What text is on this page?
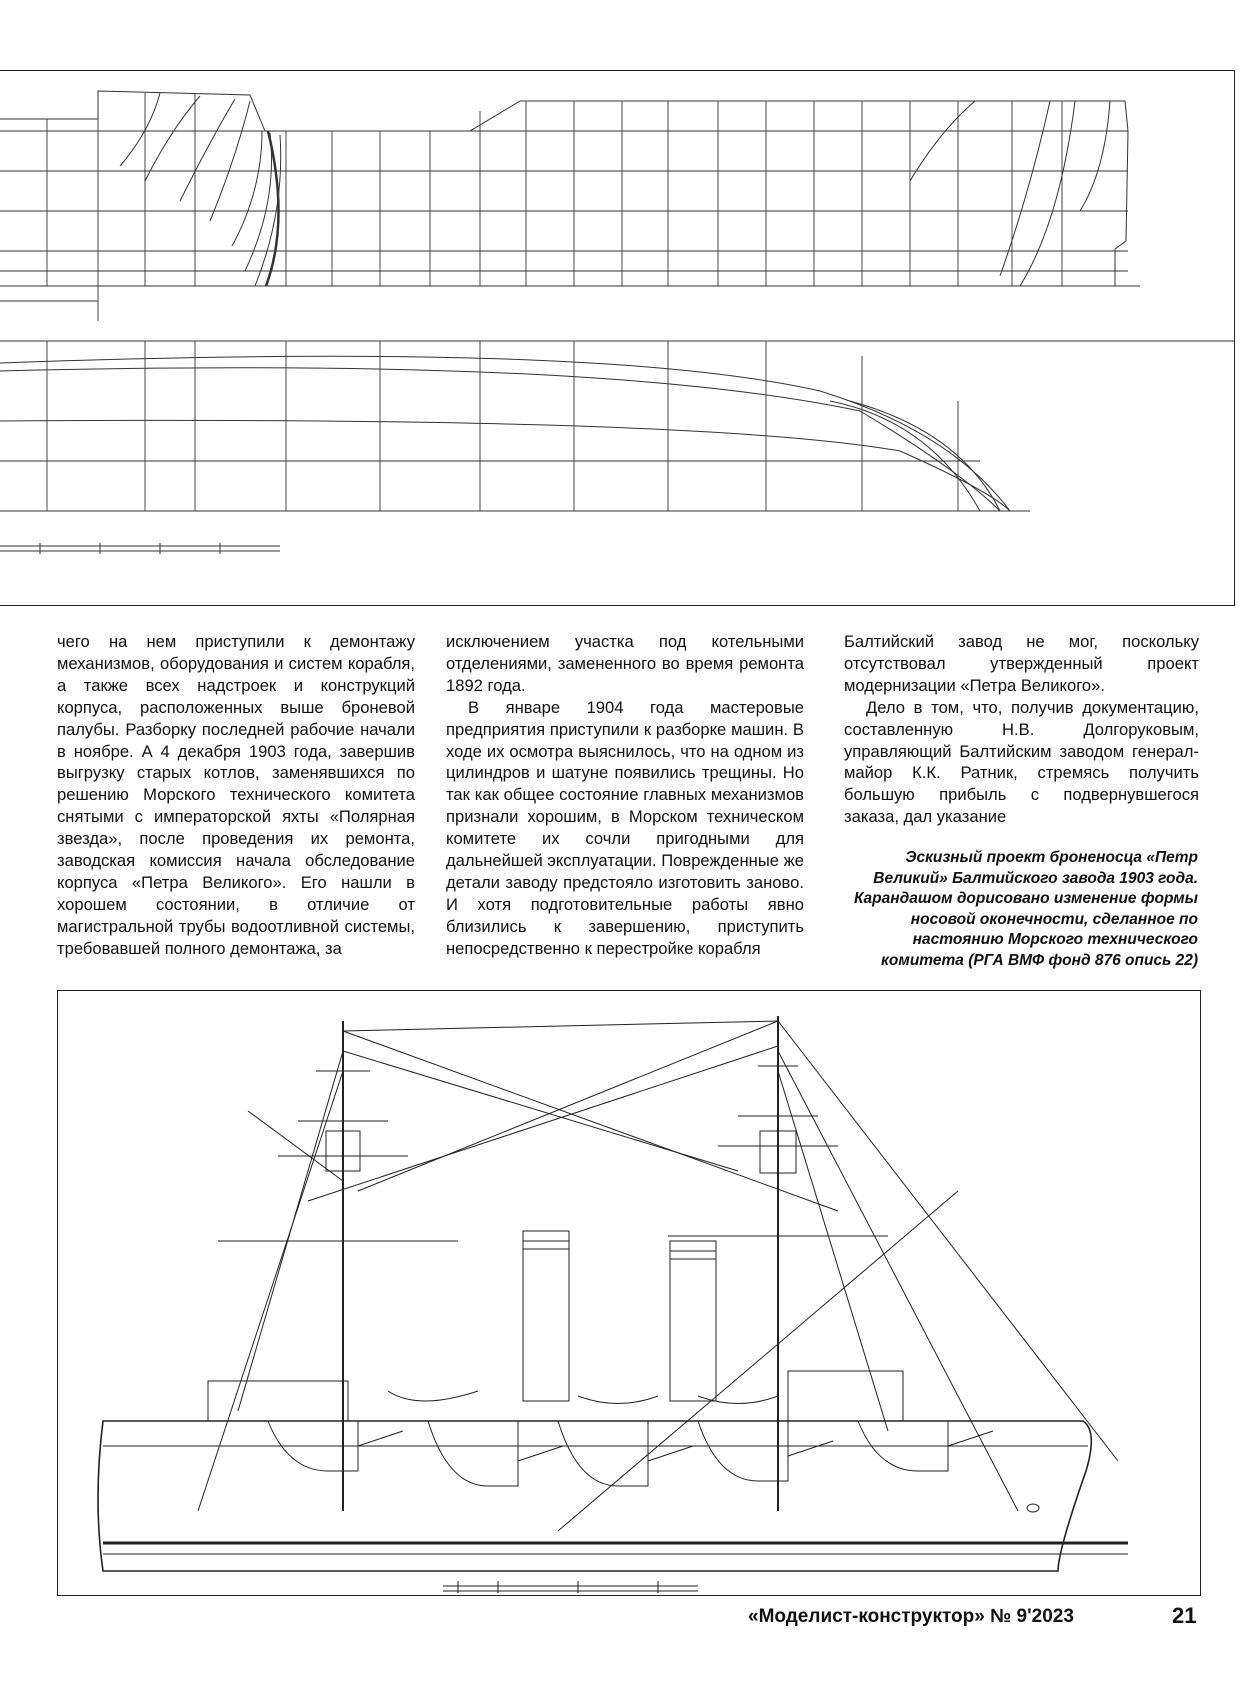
чего на нем приступили к демонтажу механизмов, оборудования и систем корабля, а также всех надстроек и конструкций корпуса, расположенных выше броневой палубы. Разборку последней рабочие начали в ноябре. А 4 декабря 1903 года, завершив выгрузку старых котлов, заменявшихся по решению Морского технического комитета снятыми с императорской яхты «Полярная звезда», после проведения их ремонта, заводская комиссия начала обследование корпуса «Петра Великого». Его нашли в хорошем состоянии, в отличие от магистральной трубы водоотливной системы, требовавшей полного демонтажа, за

исключением участка под котельными отделениями, замененного во время ремонта 1892 года.

В январе 1904 года мастеровые предприятия приступили к разборке машин. В ходе их осмотра выяснилось, что на одном из цилиндров и шатуне появились трещины. Но так как общее состояние главных механизмов признали хорошим, в Морском техническом комитете их сочли пригодными для дальнейшей эксплуатации. Поврежденные же детали заводу предстояло изготовить заново. И хотя подготовительные работы явно близились к завершению, приступить непосредственно к перестройке корабля

Балтийский завод не мог, поскольку отсутствовал утвержденный проект модернизации «Петра Великого».

Дело в том, что, получив документацию, составленную Н.В. Долгоруковым, управляющий Балтийским заводом генерал-майор К.К. Ратник, стремясь получить большую прибыль с подвернувшегося заказа, дал указание

Эскизный проект броненосца «Петр Великий» Балтийского завода 1903 года. Карандашом дорисовано изменение формы носовой оконечности, сделанное по настоянию Морского технического комитета (РГА ВМФ фонд 876 опись 22)
«Моделист-конструктор» № 9'2023	21
